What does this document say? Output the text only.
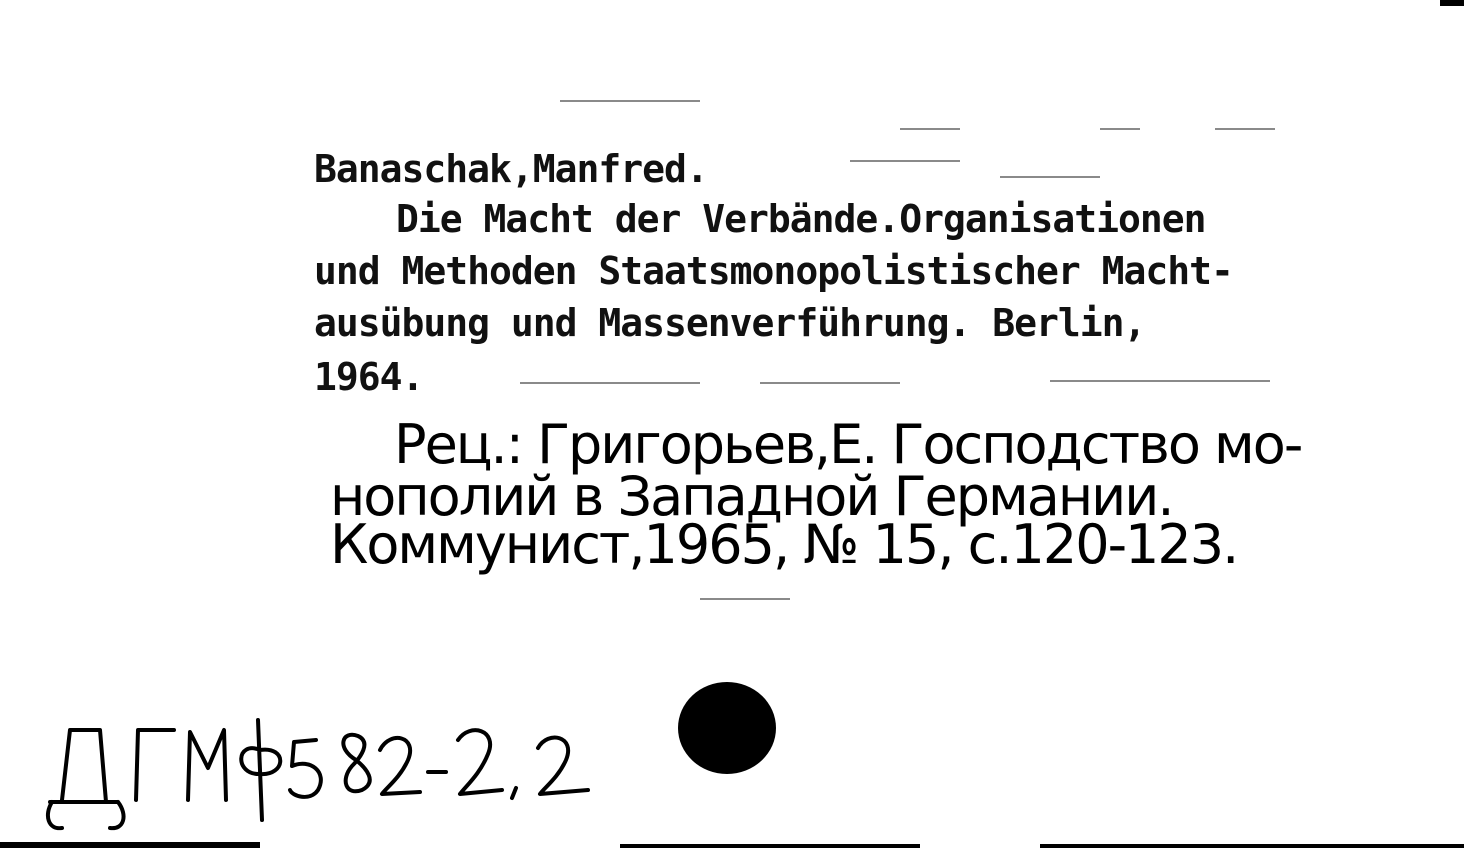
Banaschak,Manfred.
Die Macht der Verbände.Organisationen
und Methoden Staatsmonopolistischer Macht-
ausübung und Massenverführung. Berlin,
1964.
Рец.: Григорьев,Е. Господство мо-
нополий в Западной Германии.
Коммунист,1965, № 15, с.120-123.
